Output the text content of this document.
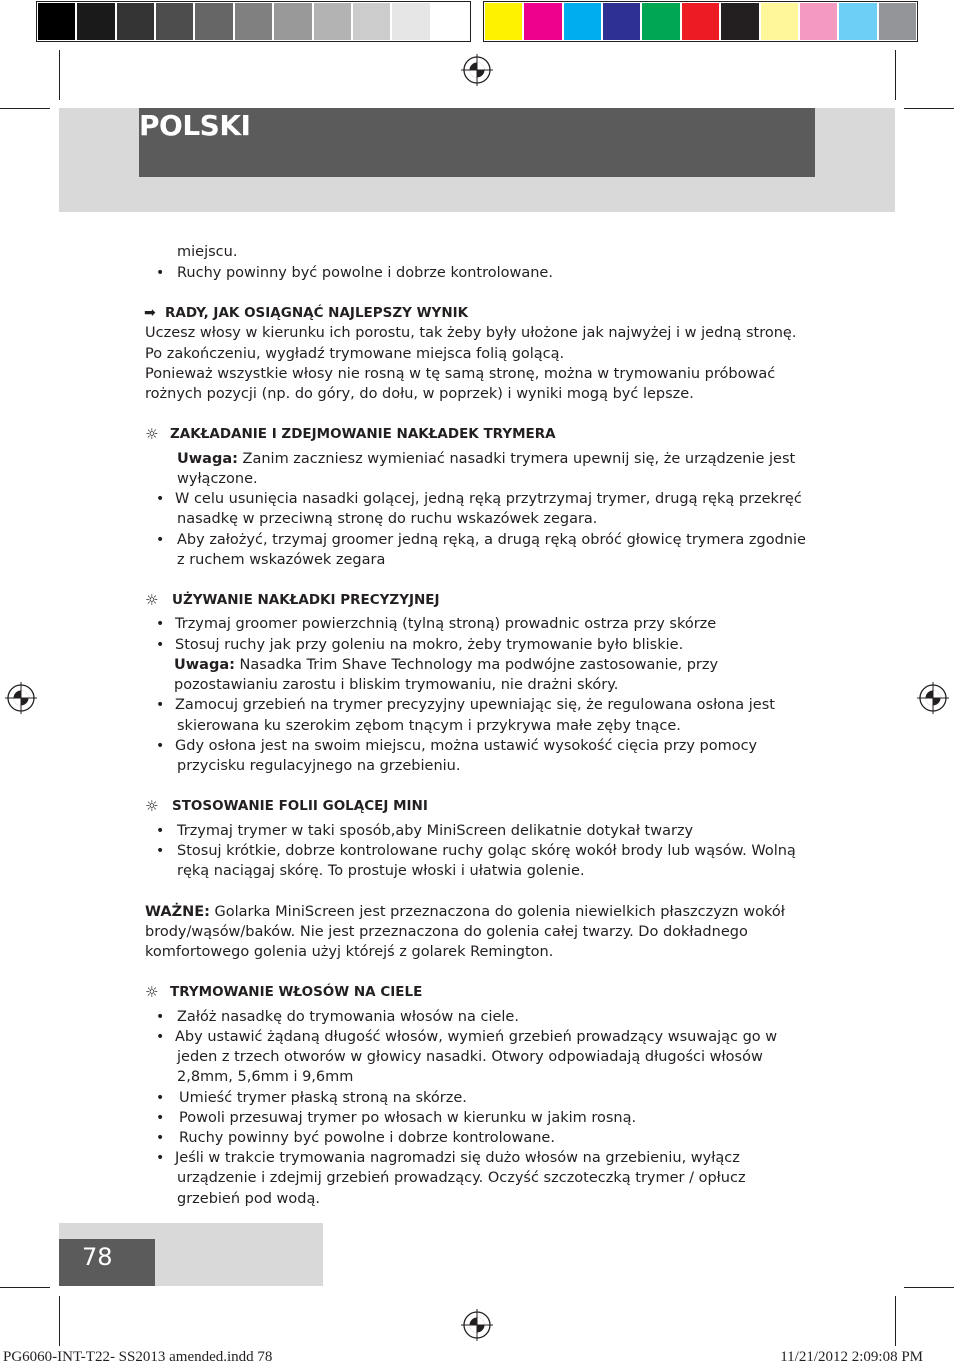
POLSKI
miejscu.
• Ruchy powinny być powolne i dobrze kontrolowane.
➡ RADY, JAK OSIĄGNĄĆ NAJLEPSZY WYNIK
Uczesz włosy w kierunku ich porostu, tak żeby były ułożone jak najwyżej i w jedną stronę.
Po zakończeniu, wygładź trymowane miejsca folią golącą.
Ponieważ wszystkie włosy nie rosną w tę samą stronę, można w trymowaniu próbować
rożnych pozycji (np. do góry, do dołu, w poprzek) i wyniki mogą być lepsze.
☼ ZAKŁADANIE I ZDEJMOWANIE NAKŁADEK TRYMERA
Uwaga: Zanim zaczniesz wymieniać nasadki trymera upewnij się, że urządzenie jest
wyłączone.
• W celu usunięcia nasadki golącej, jedną ręką przytrzymaj trymer, drugą ręką przekręć
nasadkę w przeciwną stronę do ruchu wskazówek zegara.
• Aby założyć, trzymaj groomer jedną ręką, a drugą ręką obróć głowicę trymera zgodnie
z ruchem wskazówek zegara
☼ UŻYWANIE NAKŁADKI PRECYZYJNEJ
• Trzymaj groomer powierzchnią (tylną stroną) prowadnic ostrza przy skórze
• Stosuj ruchy jak przy goleniu na mokro, żeby trymowanie było bliskie.
Uwaga: Nasadka Trim Shave Technology ma podwójne zastosowanie, przy
pozostawianiu zarostu i bliskim trymowaniu, nie drażni skóry.
• Zamocuj grzebień na trymer precyzyjny upewniając się, że regulowana osłona jest
skierowana ku szerokim zębom tnącym i przykrywa małe zęby tnące.
• Gdy osłona jest na swoim miejscu, można ustawić wysokość cięcia przy pomocy
przycisku regulacyjnego na grzebieniu.
☼ STOSOWANIE FOLII GOLĄCEJ MINI
• Trzymaj trymer w taki sposób,aby MiniScreen delikatnie dotykał twarzy
• Stosuj krótkie, dobrze kontrolowane ruchy goląc skórę wokół brody lub wąsów. Wolną
ręką naciągaj skórę. To prostuje włoski i ułatwia golenie.
WAŻNE: Golarka MiniScreen jest przeznaczona do golenia niewielkich płaszczyzn wokół
brody/wąsów/baków. Nie jest przeznaczona do golenia całej twarzy. Do dokładnego
komfortowego golenia użyj którejś z golarek Remington.
☼ TRYMOWANIE WŁOSÓW NA CIELE
• Załóż nasadkę do trymowania włosów na ciele.
• Aby ustawić żądaną długość włosów, wymień grzebień prowadzący wsuwając go w
jeden z trzech otworów w głowicy nasadki. Otwory odpowiadają długości włosów
2,8mm, 5,6mm i 9,6mm
• Umieść trymer płaską stroną na skórze.
• Powoli przesuwaj trymer po włosach w kierunku w jakim rosną.
• Ruchy powinny być powolne i dobrze kontrolowane.
• Jeśli w trakcie trymowania nagromadzi się dużo włosów na grzebieniu, wyłącz
urządzenie i zdejmij grzebień prowadzący. Oczyść szczoteczką trymer / opłucz
grzebień pod wodą.
78
PG6060-INT-T22- SS2013 amended.indd 78	11/21/2012 2:09:08 PM
